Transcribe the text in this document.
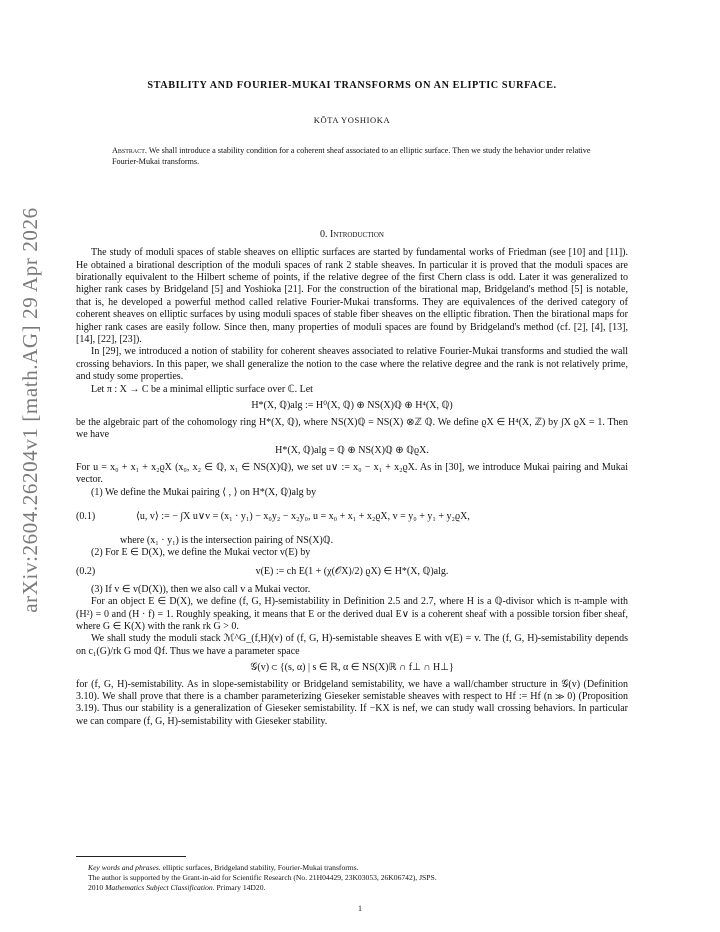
arXiv:2604.26204v1 [math.AG] 29 Apr 2026
STABILITY AND FOURIER-MUKAI TRANSFORMS ON AN ELIPTIC SURFACE.
KŌTA YOSHIOKA
Abstract. We shall introduce a stability condition for a coherent sheaf associated to an elliptic surface. Then we study the behavior under relative Fourier-Mukai transforms.
0. Introduction

The study of moduli spaces of stable sheaves on elliptic surfaces are started by fundamental works of Friedman (see [10] and [11]). He obtained a birational description of the moduli spaces of rank 2 stable sheaves. In particular it is proved that the moduli spaces are birationally equivalent to the Hilbert scheme of points, if the relative degree of the first Chern class is odd. Later it was generalized to higher rank cases by Bridgeland [5] and Yoshioka [21]. For the construction of the birational map, Bridgeland's method [5] is notable, that is, he developed a powerful method called relative Fourier-Mukai transforms. They are equivalences of the derived category of coherent sheaves on elliptic surfaces by using moduli spaces of stable fiber sheaves on the elliptic fibration. Then the birational maps for higher rank cases are easily follow. Since then, many properties of moduli spaces are found by Bridgeland's method (cf. [2], [4], [13], [14], [22], [23]).

In [29], we introduced a notion of stability for coherent sheaves associated to relative Fourier-Mukai transforms and studied the wall crossing behaviors. In this paper, we shall generalize the notion to the case where the relative degree and the rank is not relatively prime, and study some properties.

Let π : X → C be a minimal elliptic surface over ℂ. Let

H*(X, ℚ)alg := H⁰(X, ℚ) ⊕ NS(X)ℚ ⊕ H⁴(X, ℚ)

be the algebraic part of the cohomology ring H*(X, ℚ), where NS(X)ℚ = NS(X) ⊗ℤ ℚ. We define ϱX ∈ H⁴(X, ℤ) by ∫X ϱX = 1. Then we have

H*(X, ℚ)alg = ℚ ⊕ NS(X)ℚ ⊕ ℚϱX.

For u = x₀ + x₁ + x₂ϱX (x₀, x₂ ∈ ℚ, x₁ ∈ NS(X)ℚ), we set u∨ := x₀ − x₁ + x₂ϱX. As in [30], we introduce Mukai pairing and Mukai vector.

(1) We define the Mukai pairing ⟨ , ⟩ on H*(X, ℚ)alg by

(0.1)	⟨u, v⟩ := − ∫X u∨v = (x₁ · y₁) − x₀y₂ − x₂y₀, u = x₀ + x₁ + x₂ϱX, v = y₀ + y₁ + y₂ϱX,

where (x₁ · y₁) is the intersection pairing of NS(X)ℚ.

(2) For E ∈ D(X), we define the Mukai vector v(E) by

(0.2)	v(E) := ch E(1 + (χ(𝒪X)/2) ϱX) ∈ H*(X, ℚ)alg.

(3) If v ∈ v(D(X)), then we also call v a Mukai vector.

For an object E ∈ D(X), we define (f, G, H)-semistability in Definition 2.5 and 2.7, where H is a ℚ-divisor which is π-ample with (H²) = 0 and (H · f) = 1. Roughly speaking, it means that E or the derived dual E∨ is a coherent sheaf with a possible torsion fiber sheaf, where G ∈ K(X) with the rank rk G > 0.

We shall study the moduli stack ℳ^G_(f,H)(v) of (f, G, H)-semistable sheaves E with v(E) = v. The (f, G, H)-semistability depends on c₁(G)/rk G mod ℚf. Thus we have a parameter space

𝒢(v) ⊂ {(s, α) | s ∈ ℝ, α ∈ NS(X)ℝ ∩ f⊥ ∩ H⊥}

for (f, G, H)-semistability. As in slope-semistability or Bridgeland semistability, we have a wall/chamber structure in 𝒢(v) (Definition 3.10). We shall prove that there is a chamber parameterizing Gieseker semistable sheaves with respect to Hf := Hf (n ≫ 0) (Proposition 3.19). Thus our stability is a generalization of Gieseker semistability. If −KX is nef, we can study wall crossing behaviors. In particular we can compare (f, G, H)-semistability with Gieseker stability.

Key words and phrases. elliptic surfaces, Bridgeland stability, Fourier-Mukai transforms.
The author is supported by the Grant-in-aid for Scientific Research (No. 21H04429, 23K03053, 26K06742), JSPS.
2010 Mathematics Subject Classification. Primary 14D20.
1
